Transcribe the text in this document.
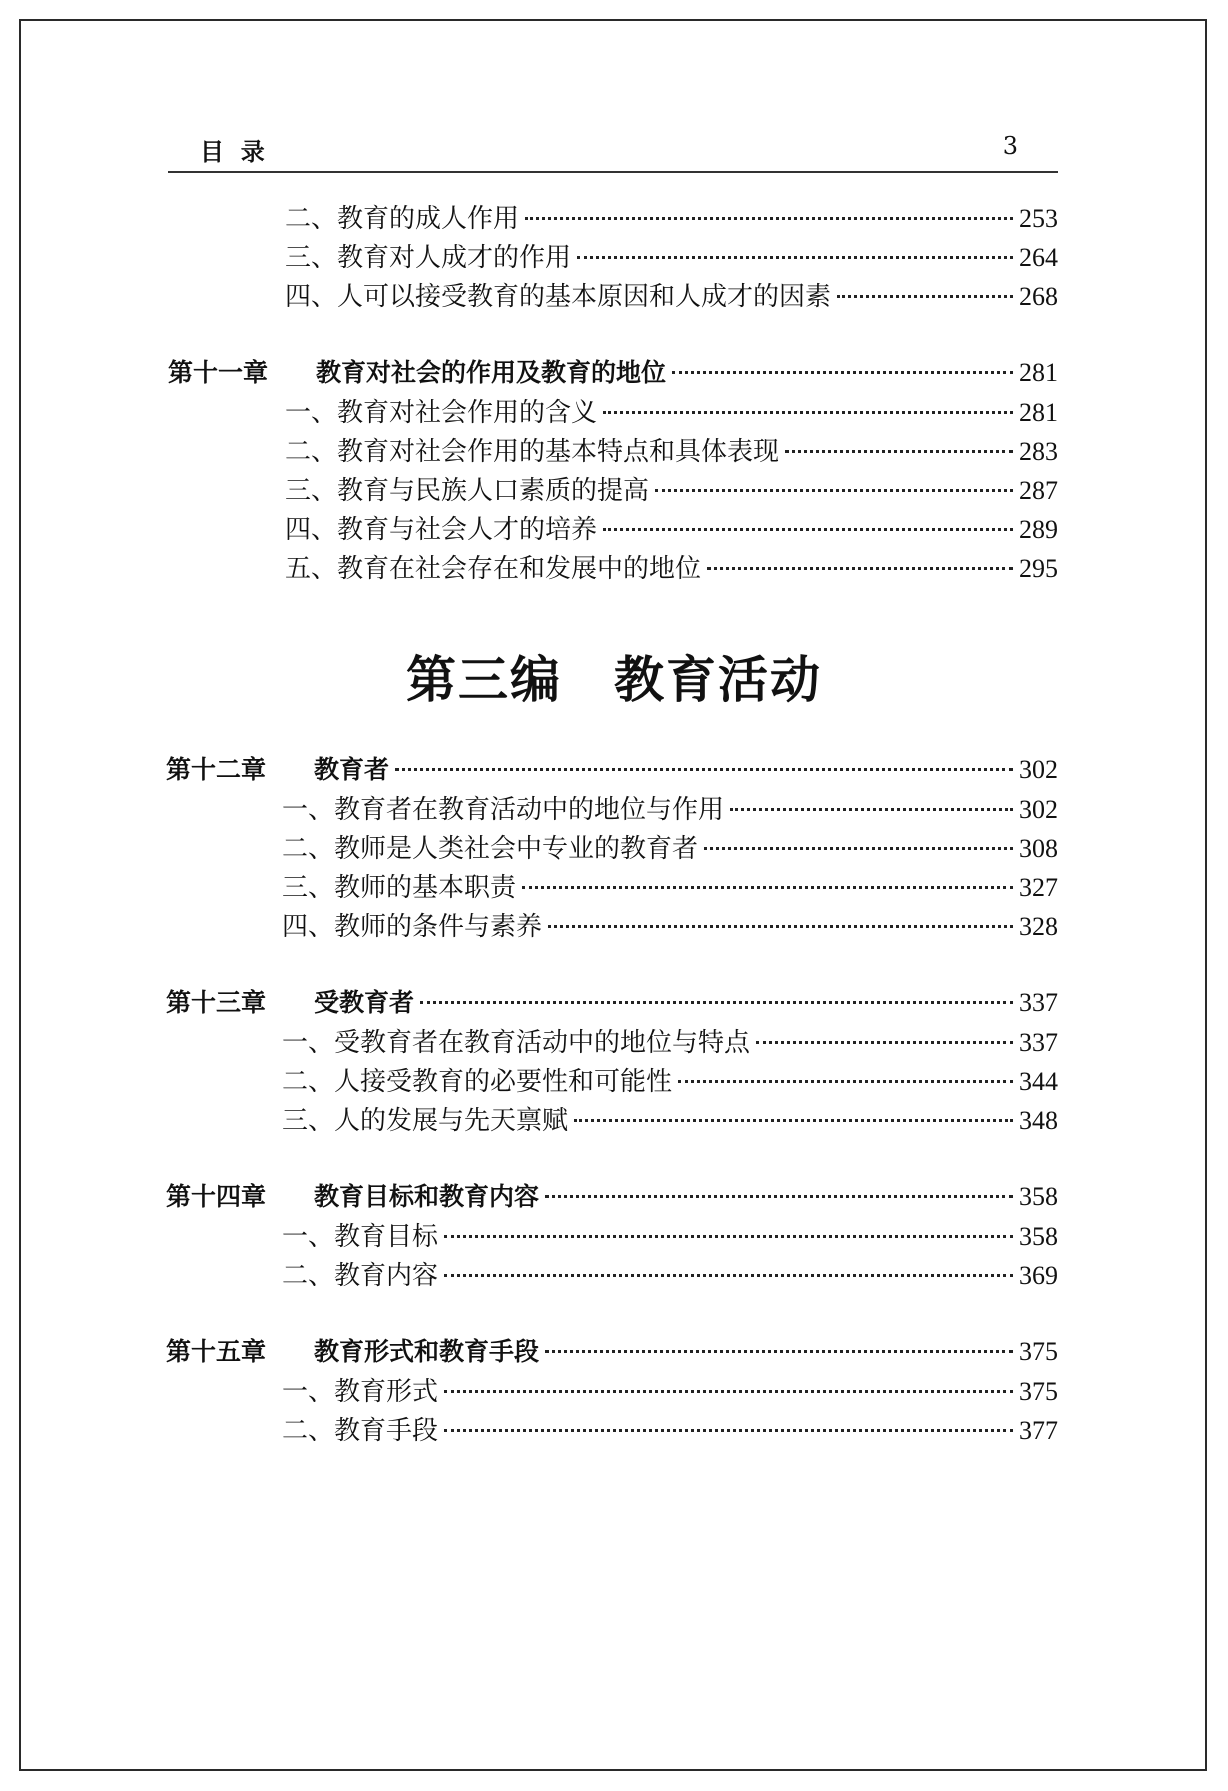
目  录	3
二、教育的成人作用	253
三、教育对人成才的作用	264
四、人可以接受教育的基本原因和人成才的因素	268
第十一章 教育对社会的作用及教育的地位	281
一、教育对社会作用的含义	281
二、教育对社会作用的基本特点和具体表现	283
三、教育与民族人口素质的提高	287
四、教育与社会人才的培养	289
五、教育在社会存在和发展中的地位	295
第三编　教育活动
第十二章 教育者	302
一、教育者在教育活动中的地位与作用	302
二、教师是人类社会中专业的教育者	308
三、教师的基本职责	327
四、教师的条件与素养	328
第十三章 受教育者	337
一、受教育者在教育活动中的地位与特点	337
二、人接受教育的必要性和可能性	344
三、人的发展与先天禀赋	348
第十四章 教育目标和教育内容	358
一、教育目标	358
二、教育内容	369
第十五章 教育形式和教育手段	375
一、教育形式	375
二、教育手段	377
